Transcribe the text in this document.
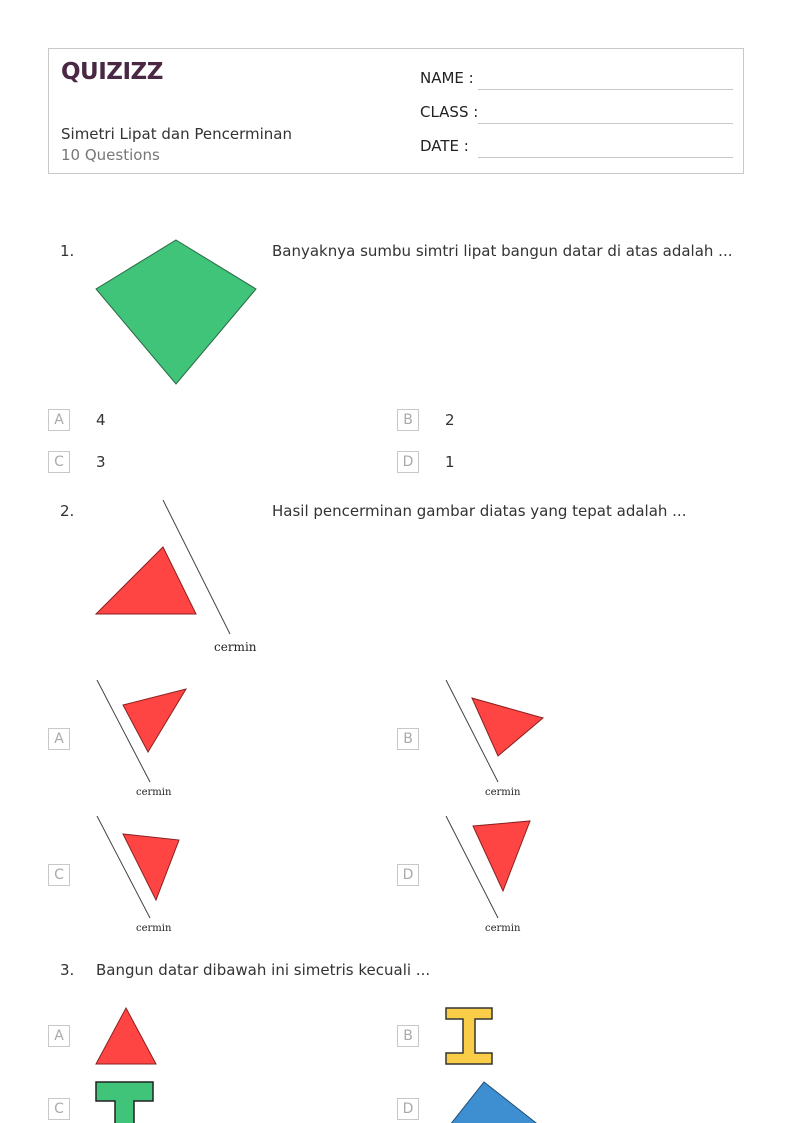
QUIZIZZ
Simetri Lipat dan Pencerminan
10 Questions
NAME :
CLASS :
DATE :
1.	Banyaknya sumbu simtri lipat bangun datar di atas adalah ...
A	4	B	2
C	3	D	1
2.
cermin
Hasil pencerminan gambar diatas yang tepat adalah ...
A
cermin
B
cermin
C
cermin
D
cermin
3. Bangun datar dibawah ini simetris kecuali ...
A	B
C	D
